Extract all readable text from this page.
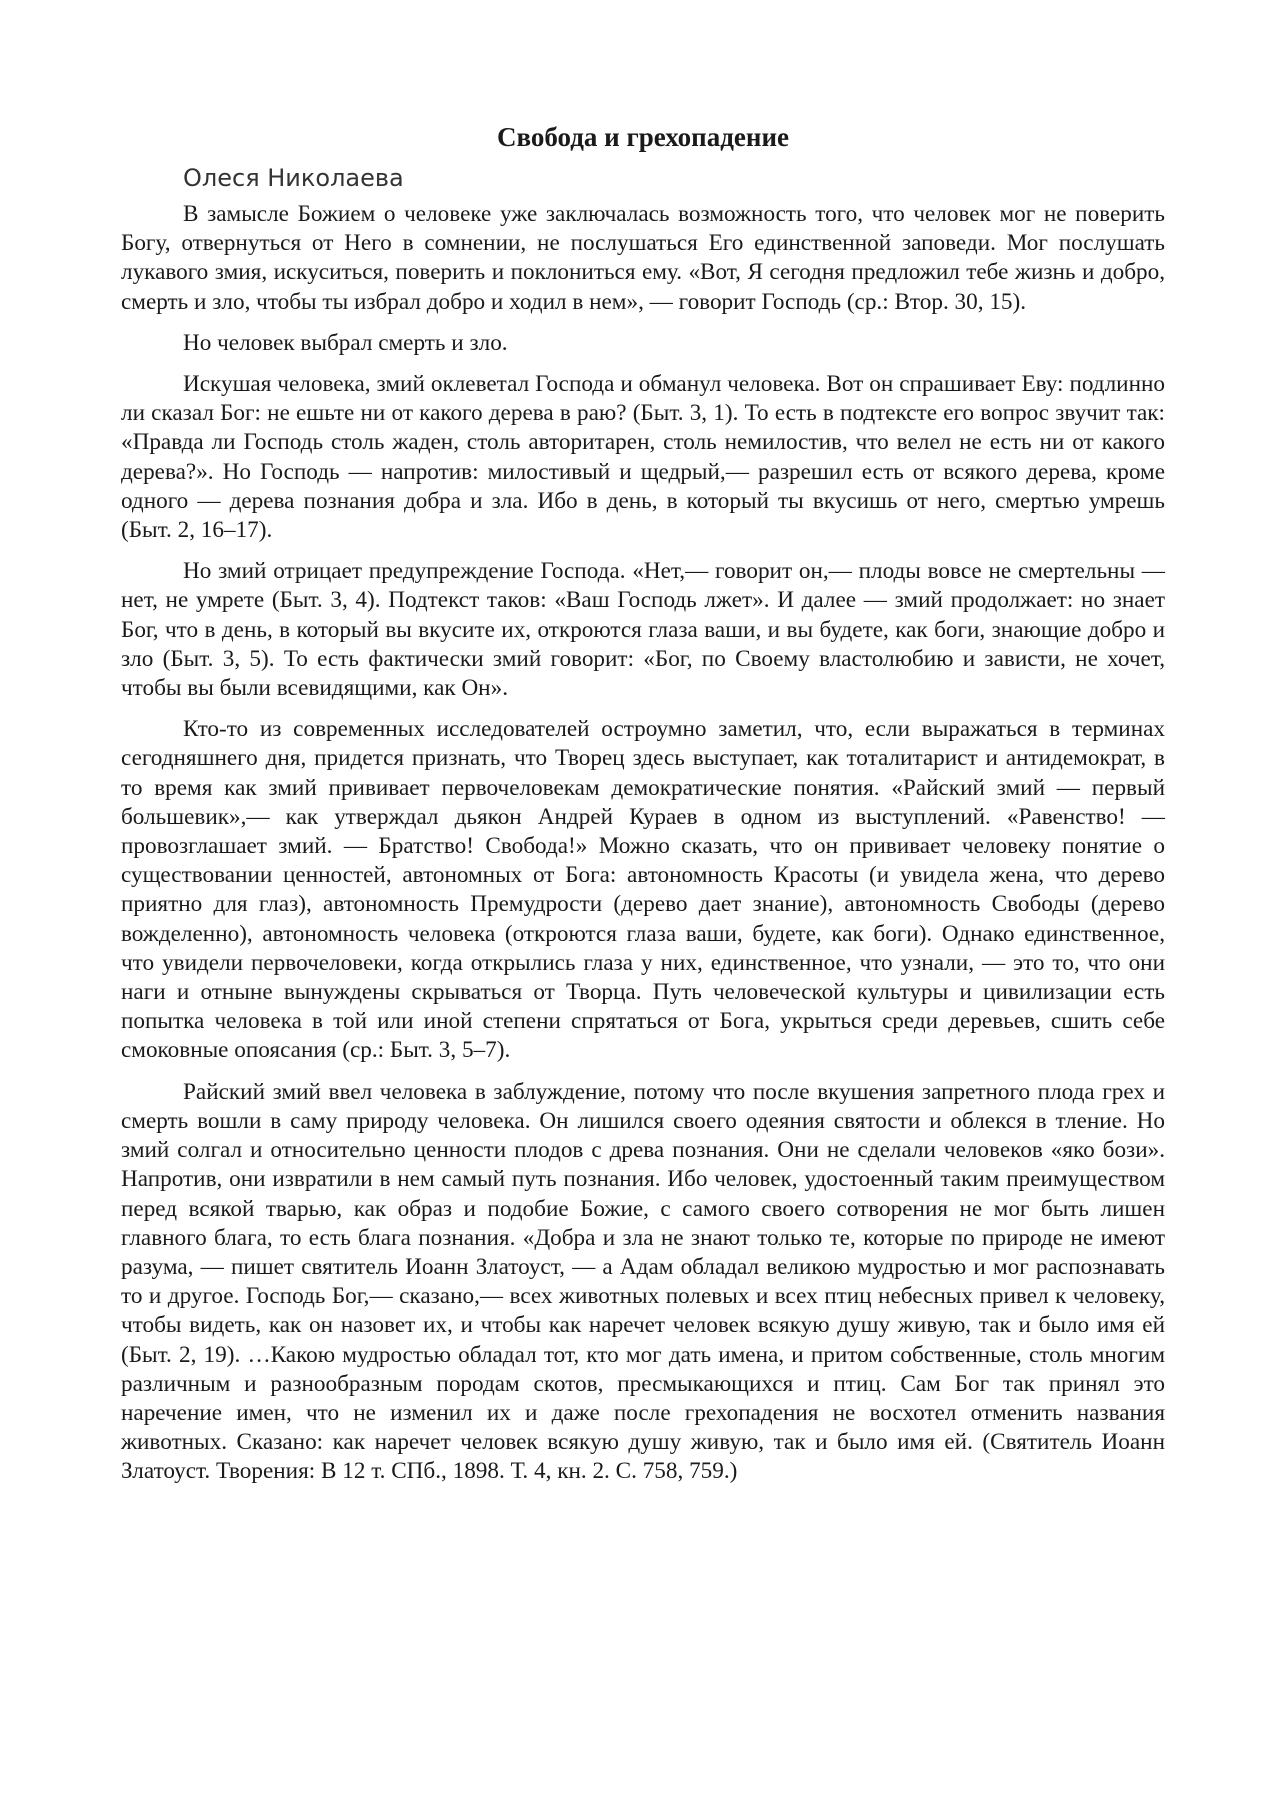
Свобода и грехопадение
Олеся Николаева

В замысле Божием о человеке уже заключалась возможность того, что человек мог не поверить Богу, отвернуться от Него в сомнении, не послушаться Его единственной заповеди. Мог послушать лукавого змия, искуситься, поверить и поклониться ему. «Вот, Я сегодня предложил тебе жизнь и добро, смерть и зло, чтобы ты избрал добро и ходил в нем», — говорит Господь (ср.: Втор. 30, 15).

Но человек выбрал смерть и зло.

Искушая человека, змий оклеветал Господа и обманул человека. Вот он спрашивает Еву: подлинно ли сказал Бог: не ешьте ни от какого дерева в раю? (Быт. 3, 1). То есть в подтексте его вопрос звучит так: «Правда ли Господь столь жаден, столь авторитарен, столь немилостив, что велел не есть ни от какого дерева?». Но Господь — напротив: милостивый и щедрый,— разрешил есть от всякого дерева, кроме одного — дерева познания добра и зла. Ибо в день, в который ты вкусишь от него, смертью умрешь (Быт. 2, 16–17).

Но змий отрицает предупреждение Господа. «Нет,— говорит он,— плоды вовсе не смертельны — нет, не умрете (Быт. 3, 4). Подтекст таков: «Ваш Господь лжет». И далее — змий продолжает: но знает Бог, что в день, в который вы вкусите их, откроются глаза ваши, и вы будете, как боги, знающие добро и зло (Быт. 3, 5). То есть фактически змий говорит: «Бог, по Своему властолюбию и зависти, не хочет, чтобы вы были всевидящими, как Он».

Кто-то из современных исследователей остроумно заметил, что, если выражаться в терминах сегодняшнего дня, придется признать, что Творец здесь выступает, как тоталитарист и антидемократ, в то время как змий прививает первочеловекам демократические понятия. «Райский змий — первый большевик»,— как утверждал дьякон Андрей Кураев в одном из выступлений. «Равенство! — провозглашает змий. — Братство! Свобода!» Можно сказать, что он прививает человеку понятие о существовании ценностей, автономных от Бога: автономность Красоты (и увидела жена, что дерево приятно для глаз), автономность Премудрости (дерево дает знание), автономность Свободы (дерево вожделенно), автономность человека (откроются глаза ваши, будете, как боги). Однако единственное, что увидели первочеловеки, когда открылись глаза у них, единственное, что узнали, — это то, что они наги и отныне вынуждены скрываться от Творца. Путь человеческой культуры и цивилизации есть попытка человека в той или иной степени спрятаться от Бога, укрыться среди деревьев, сшить себе смоковные опоясания (ср.: Быт. 3, 5–7).

Райский змий ввел человека в заблуждение, потому что после вкушения запретного плода грех и смерть вошли в саму природу человека. Он лишился своего одеяния святости и облекся в тление. Но змий солгал и относительно ценности плодов с древа познания. Они не сделали человеков «яко бози». Напротив, они извратили в нем самый путь познания. Ибо человек, удостоенный таким преимуществом перед всякой тварью, как образ и подобие Божие, с самого своего сотворения не мог быть лишен главного блага, то есть блага познания. «Добра и зла не знают только те, которые по природе не имеют разума, — пишет святитель Иоанн Златоуст, — а Адам обладал великою мудростью и мог распознавать то и другое. Господь Бог,— сказано,— всех животных полевых и всех птиц небесных привел к человеку, чтобы видеть, как он назовет их, и чтобы как наречет человек всякую душу живую, так и было имя ей (Быт. 2, 19). …Какою мудростью обладал тот, кто мог дать имена, и притом собственные, столь многим различным и разнообразным породам скотов, пресмыкающихся и птиц. Сам Бог так принял это наречение имен, что не изменил их и даже после грехопадения не восхотел отменить названия животных. Сказано: как наречет человек всякую душу живую, так и было имя ей. (Святитель Иоанн Златоуст. Творения: В 12 т. СПб., 1898. Т. 4, кн. 2. С. 758, 759.)
